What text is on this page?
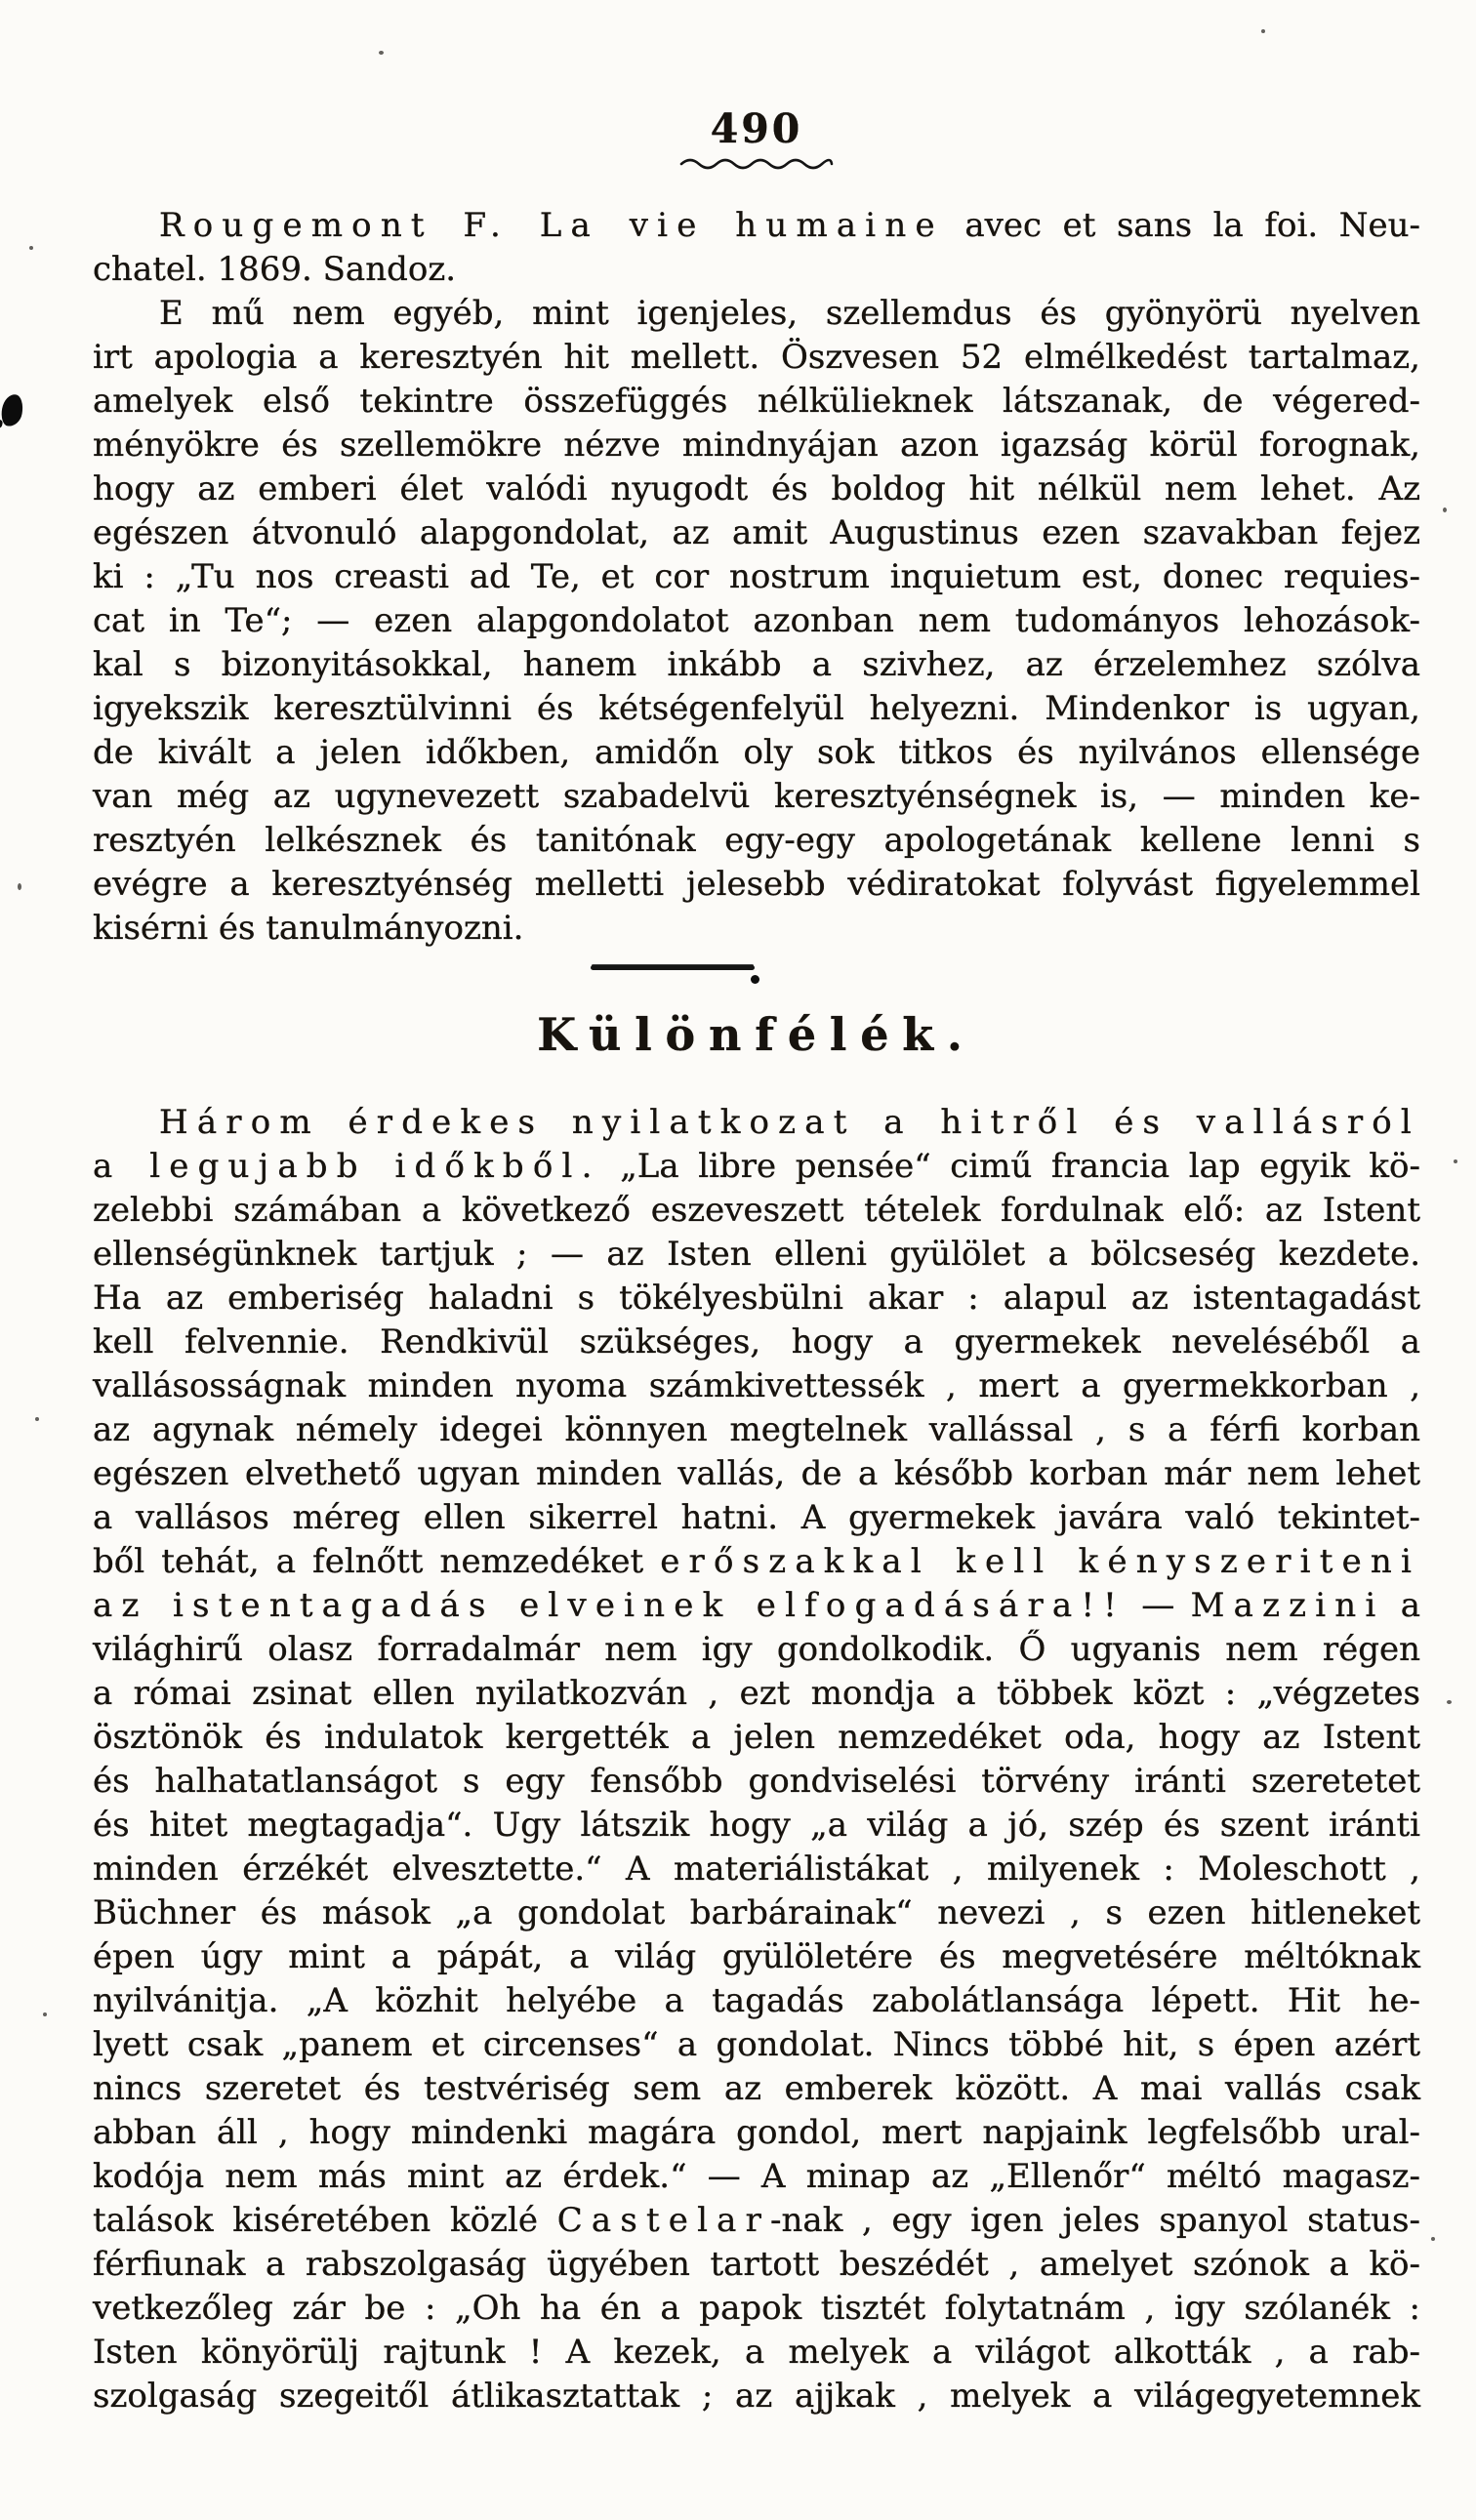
490
Rougemont F. La vie humaine avec et sans la foi. Neu-
chatel. 1869. Sandoz.
E mű nem egyéb, mint igenjeles, szellemdus és gyönyörü nyelven
irt apologia a keresztyén hit mellett. Öszvesen 52 elmélkedést tartalmaz,
amelyek első tekintre összefüggés nélkülieknek látszanak, de végered-
ményökre és szellemökre nézve mindnyájan azon igazság körül forognak,
hogy az emberi élet valódi nyugodt és boldog hit nélkül nem lehet. Az
egészen átvonuló alapgondolat, az amit Augustinus ezen szavakban fejez
ki : „Tu nos creasti ad Te, et cor nostrum inquietum est, donec requies-
cat in Te“; — ezen alapgondolatot azonban nem tudományos lehozások-
kal s bizonyitásokkal, hanem inkább a szivhez, az érzelemhez szólva
igyekszik keresztülvinni és kétségenfelyül helyezni. Mindenkor is ugyan,
de kivált a jelen időkben, amidőn oly sok titkos és nyilvános ellensége
van még az ugynevezett szabadelvü keresztyénségnek is, — minden ke-
resztyén lelkésznek és tanitónak egy-egy apologetának kellene lenni s
evégre a keresztyénség melletti jelesebb védiratokat folyvást figyelemmel
kisérni és tanulmányozni.
Különfélék.
Három érdekes nyilatkozat a hitről és vallásról
a legujabb időkből. „La libre pensée“ cimű francia lap egyik kö-
zelebbi számában a következő eszeveszett tételek fordulnak elő: az Istent
ellenségünknek tartjuk ; — az Isten elleni gyülölet a bölcseség kezdete.
Ha az emberiség haladni s tökélyesbülni akar : alapul az istentagadást
kell felvennie. Rendkivül szükséges, hogy a gyermekek neveléséből a
vallásosságnak minden nyoma számkivettessék , mert a gyermekkorban ,
az agynak némely idegei könnyen megtelnek vallással , s a férfi korban
egészen elvethető ugyan minden vallás, de a később korban már nem lehet
a vallásos méreg ellen sikerrel hatni. A gyermekek javára való tekintet-
ből tehát, a felnőtt nemzedéket erőszakkal kell kényszeriteni
az istentagadás elveinek elfogadására!! — Mazzini a
világhirű olasz forradalmár nem igy gondolkodik. Ő ugyanis nem régen
a római zsinat ellen nyilatkozván , ezt mondja a többek közt : „végzetes
ösztönök és indulatok kergették a jelen nemzedéket oda, hogy az Istent
és halhatatlanságot s egy fensőbb gondviselési törvény iránti szeretetet
és hitet megtagadja“. Ugy látszik hogy „a világ a jó, szép és szent iránti
minden érzékét elvesztette.“ A materiálistákat , milyenek : Moleschott ,
Büchner és mások „a gondolat barbárainak“ nevezi , s ezen hitleneket
épen úgy mint a pápát, a világ gyülöletére és megvetésére méltóknak
nyilvánitja. „A közhit helyébe a tagadás zabolátlansága lépett. Hit he-
lyett csak „panem et circenses“ a gondolat. Nincs többé hit, s épen azért
nincs szeretet és testvériség sem az emberek között. A mai vallás csak
abban áll , hogy mindenki magára gondol, mert napjaink legfelsőbb ural-
kodója nem más mint az érdek.“ — A minap az „Ellenőr“ méltó magasz-
talások kiséretében közlé Castelar-nak , egy igen jeles spanyol status-
férfiunak a rabszolgaság ügyében tartott beszédét , amelyet szónok a kö-
vetkezőleg zár be : „Oh ha én a papok tisztét folytatnám , igy szólanék :
Isten könyörülj rajtunk ! A kezek, a melyek a világot alkották , a rab-
szolgaság szegeitől átlikasztattak ; az ajjkak , melyek a világegyetemnek
